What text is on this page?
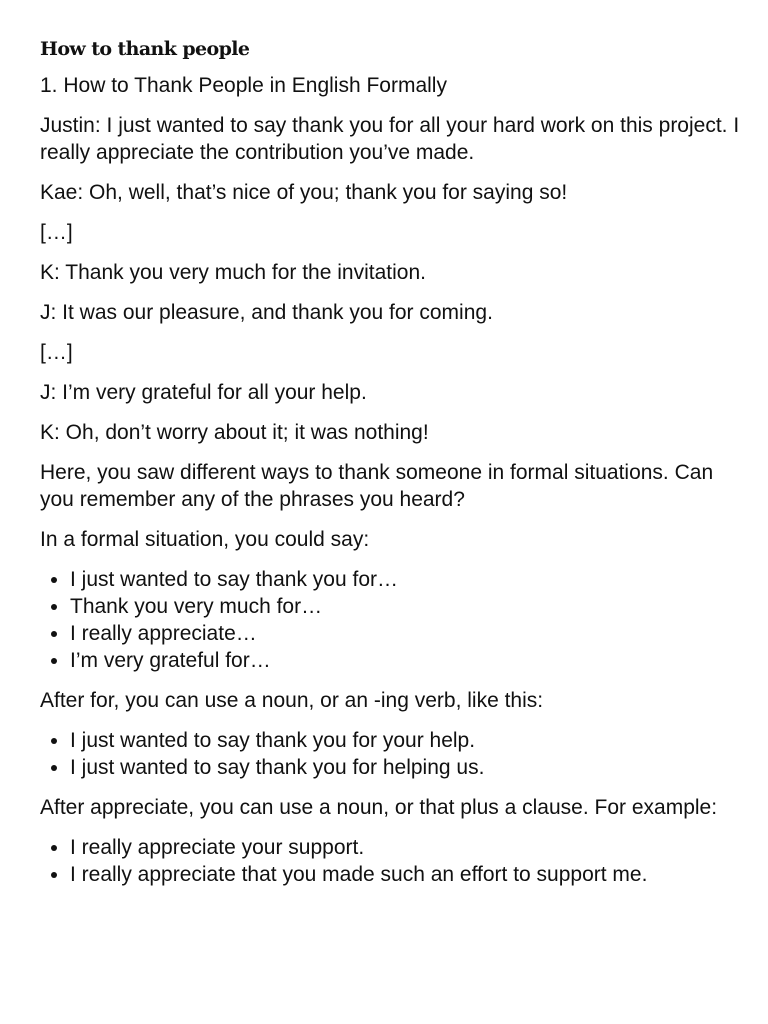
How to thank people

1. How to Thank People in English Formally

Justin: I just wanted to say thank you for all your hard work on this project. I really appreciate the contribution you’ve made.

Kae: Oh, well, that’s nice of you; thank you for saying so!

[…]

K: Thank you very much for the invitation.

J: It was our pleasure, and thank you for coming.

[…]

J: I’m very grateful for all your help.

K: Oh, don’t worry about it; it was nothing!

Here, you saw different ways to thank someone in formal situations. Can you remember any of the phrases you heard?

In a formal situation, you could say:

• I just wanted to say thank you for…
• Thank you very much for…
• I really appreciate…
• I’m very grateful for…

After for, you can use a noun, or an -ing verb, like this:

• I just wanted to say thank you for your help.
• I just wanted to say thank you for helping us.

After appreciate, you can use a noun, or that plus a clause. For example:

• I really appreciate your support.
• I really appreciate that you made such an effort to support me.
